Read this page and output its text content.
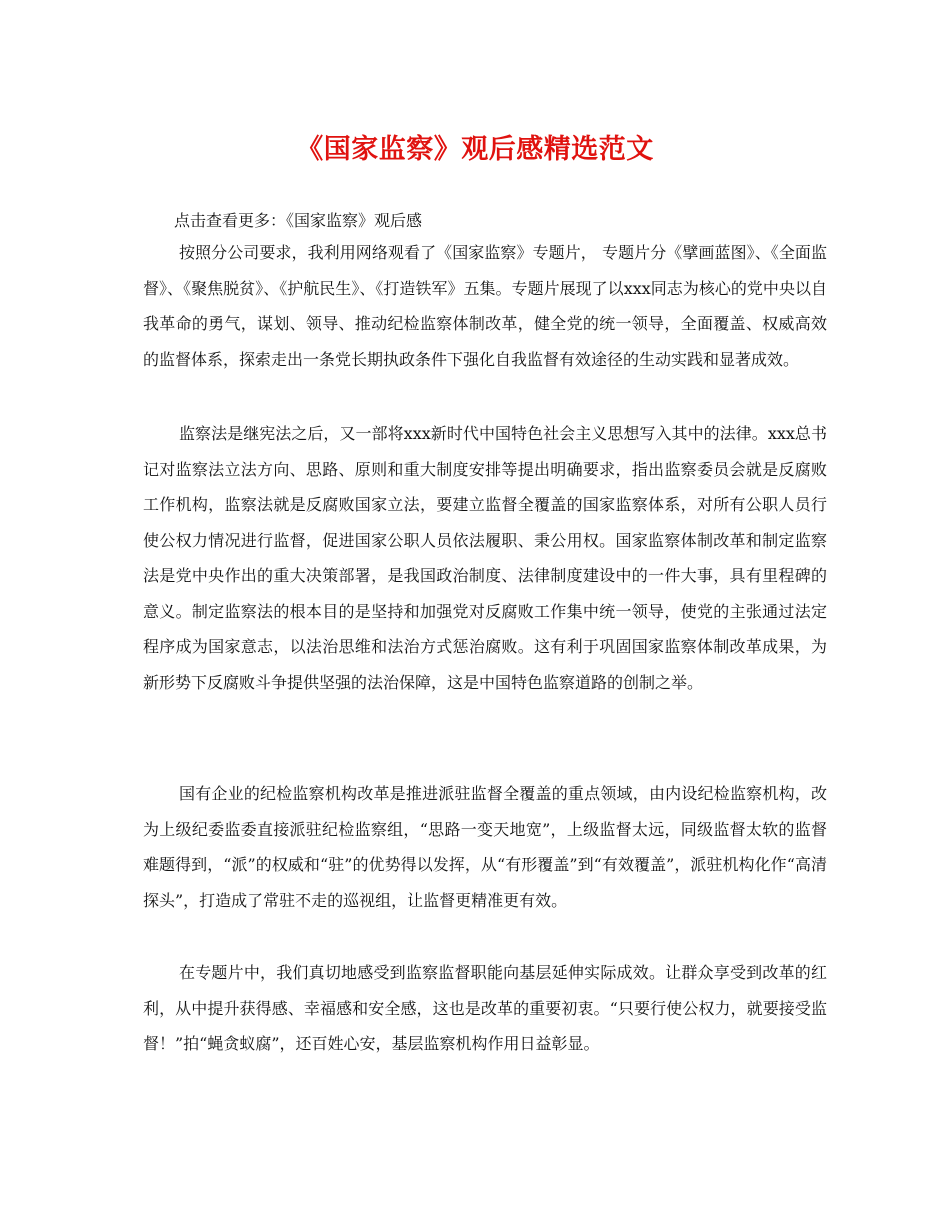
《国家监察》观后感精选范文
点击查看更多：《国家监察》观后感

按照分公司要求，我利用网络观看了《国家监察》专题片， 专题片分《擘画蓝图》、《全面监督》、《聚焦脱贫》、《护航民生》、《打造铁军》五集。专题片展现了以xxx同志为核心的党中央以自我革命的勇气，谋划、领导、推动纪检监察体制改革，健全党的统一领导，全面覆盖、权威高效的监督体系，探索走出一条党长期执政条件下强化自我监督有效途径的生动实践和显著成效。

监察法是继宪法之后，又一部将xxx新时代中国特色社会主义思想写入其中的法律。xxx总书记对监察法立法方向、思路、原则和重大制度安排等提出明确要求，指出监察委员会就是反腐败工作机构，监察法就是反腐败国家立法，要建立监督全覆盖的国家监察体系，对所有公职人员行使公权力情况进行监督，促进国家公职人员依法履职、秉公用权。国家监察体制改革和制定监察法是党中央作出的重大决策部署，是我国政治制度、法律制度建设中的一件大事，具有里程碑的意义。制定监察法的根本目的是坚持和加强党对反腐败工作集中统一领导，使党的主张通过法定程序成为国家意志，以法治思维和法治方式惩治腐败。这有利于巩固国家监察体制改革成果，为新形势下反腐败斗争提供坚强的法治保障，这是中国特色监察道路的创制之举。

国有企业的纪检监察机构改革是推进派驻监督全覆盖的重点领域，由内设纪检监察机构，改为上级纪委监委直接派驻纪检监察组，“思路一变天地宽”，上级监督太远，同级监督太软的监督难题得到，“派”的权威和“驻”的优势得以发挥，从“有形覆盖”到“有效覆盖”，派驻机构化作“高清探头”，打造成了常驻不走的巡视组，让监督更精准更有效。

在专题片中，我们真切地感受到监察监督职能向基层延伸实际成效。让群众享受到改革的红利，从中提升获得感、幸福感和安全感，这也是改革的重要初衷。“只要行使公权力，就要接受监督！”拍“蝇贪蚁腐”，还百姓心安，基层监察机构作用日益彰显。
